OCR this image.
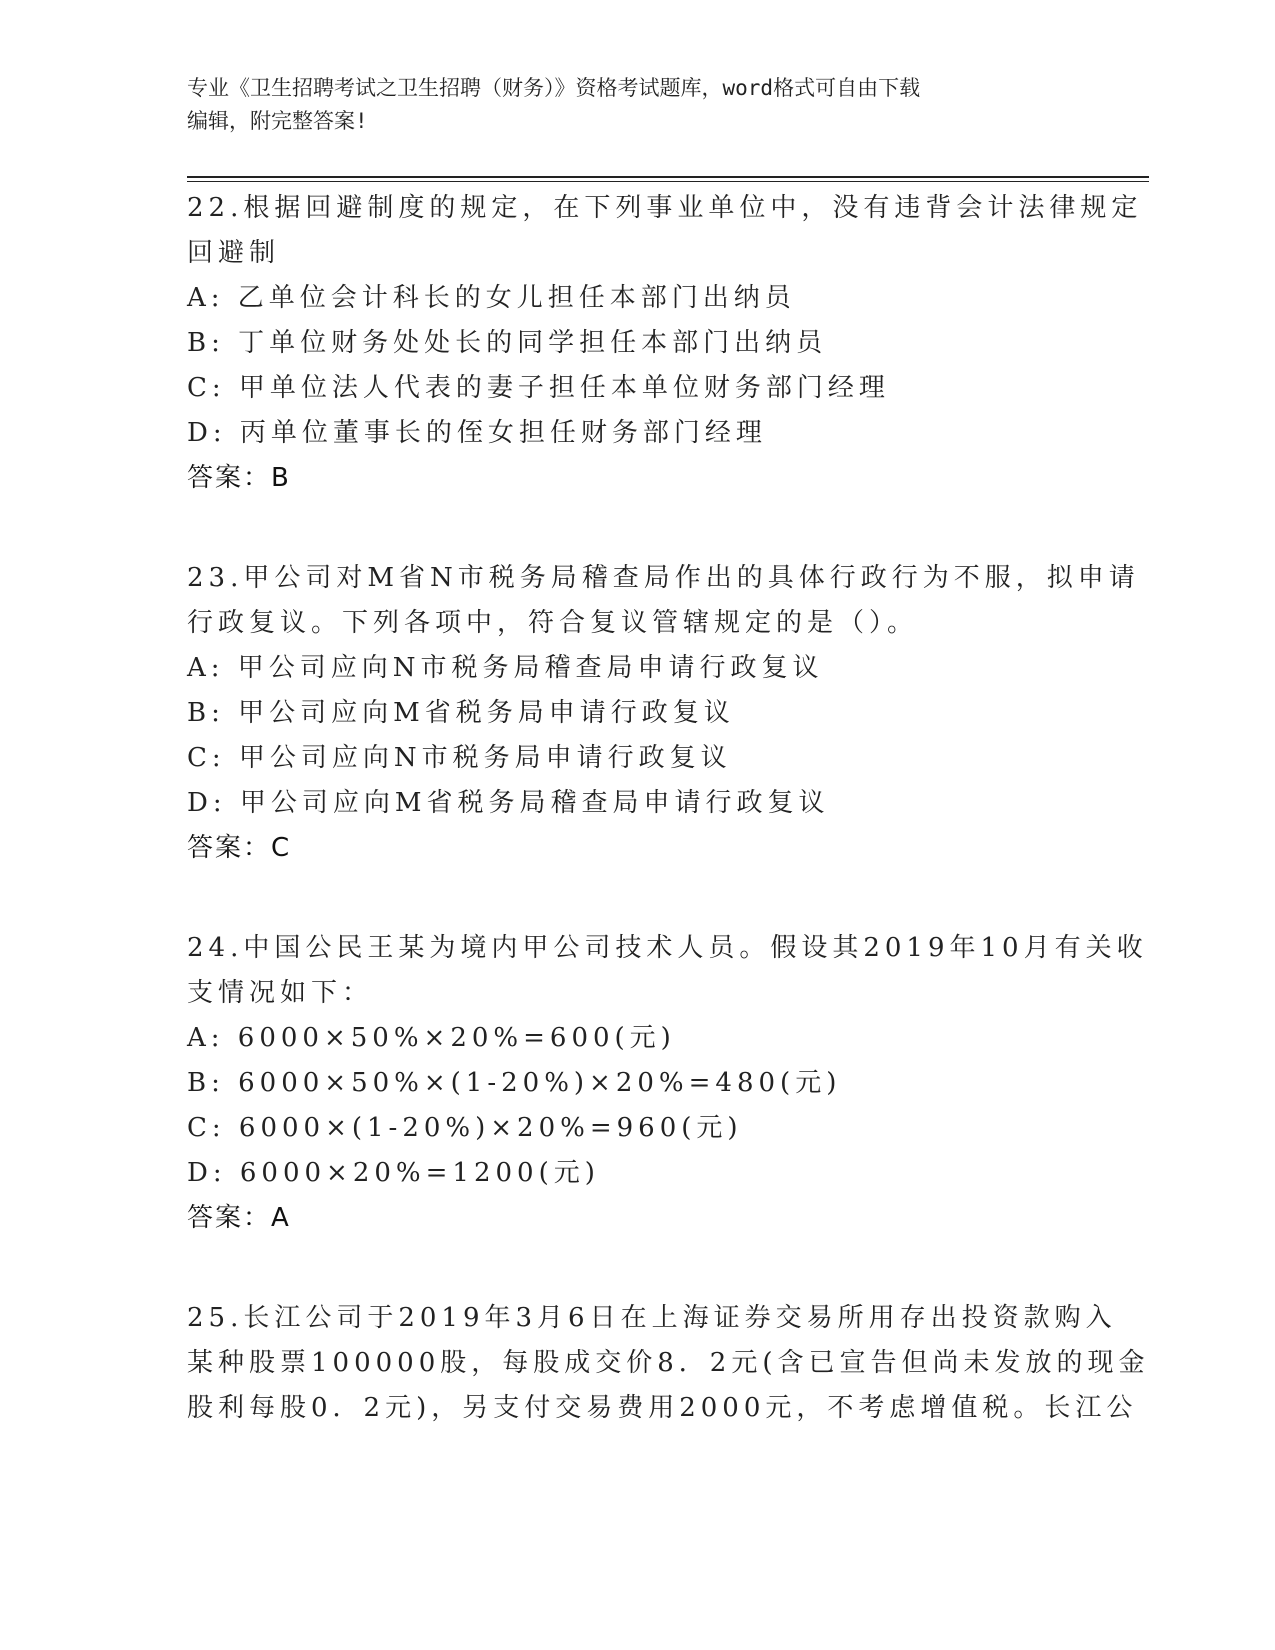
专业《卫生招聘考试之卫生招聘（财务）》资格考试题库，word格式可自由下载
编辑，附完整答案!
22.根据回避制度的规定，在下列事业单位中，没有违背会计法律规定
回避制
A: 乙单位会计科长的女儿担任本部门出纳员
B: 丁单位财务处处长的同学担任本部门出纳员
C: 甲单位法人代表的妻子担任本单位财务部门经理
D: 丙单位董事长的侄女担任财务部门经理
答案：B
23.甲公司对M省N市税务局稽查局作出的具体行政行为不服，拟申请
行政复议。下列各项中，符合复议管辖规定的是（）。
A: 甲公司应向N市税务局稽查局申请行政复议
B: 甲公司应向M省税务局申请行政复议
C: 甲公司应向N市税务局申请行政复议
D: 甲公司应向M省税务局稽查局申请行政复议
答案：C
24.中国公民王某为境内甲公司技术人员。假设其2019年10月有关收
支情况如下：
A: 6000×50%×20%=600(元)
B: 6000×50%×(1-20%)×20%=480(元)
C: 6000×(1-20%)×20%=960(元)
D: 6000×20%=1200(元)
答案：A
25.长江公司于2019年3月6日在上海证券交易所用存出投资款购入
某种股票100000股，每股成交价8．2元(含已宣告但尚未发放的现金
股利每股0．2元)，另支付交易费用2000元，不考虑增值税。长江公
